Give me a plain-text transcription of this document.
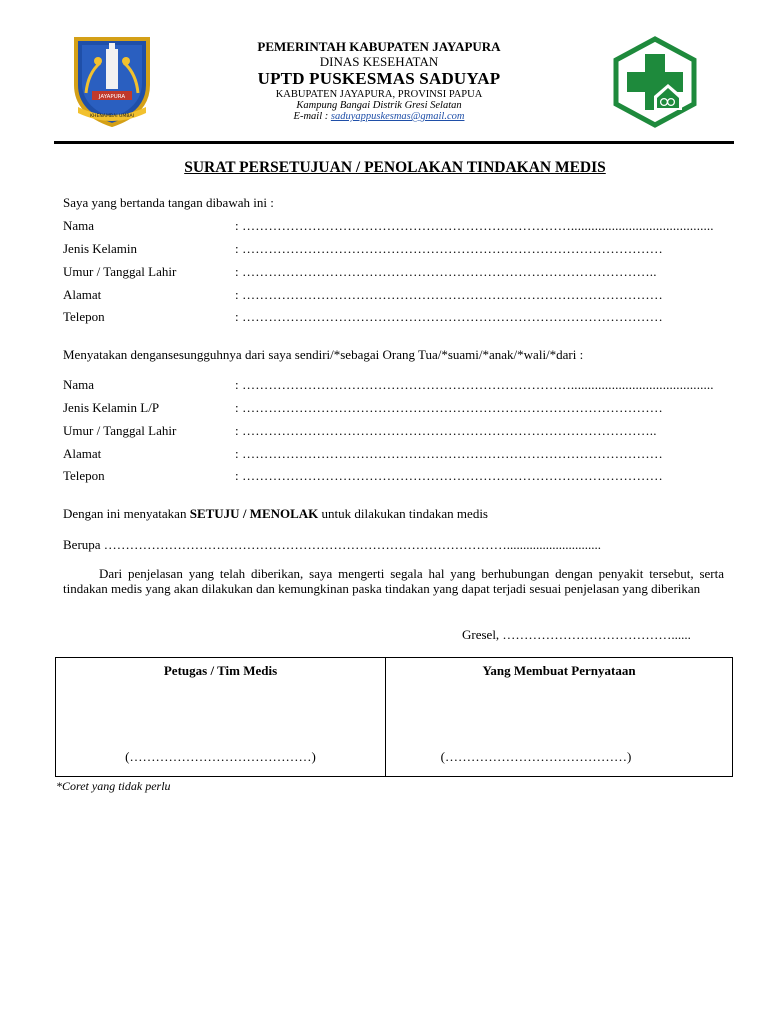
JAYAPURA
KHENAMBAI UMBAI
PEMERINTAH KABUPATEN JAYAPURA
DINAS KESEHATAN
UPTD PUSKESMAS SADUYAP
KABUPATEN JAYAPURA, PROVINSI PAPUA
Kampung Bangai Distrik Gresi Selatan
E-mail : saduyappuskesmas@gmail.com
SURAT PERSETUJUAN / PENOLAKAN TINDAKAN MEDIS
Saya yang bertanda tangan dibawah ini :
Nama	: …………………………………………………………………..........................................
Jenis Kelamin	: ……………………………………………………………………………………
Umur / Tanggal Lahir	: …………………………………………………………………………………..
Alamat	: ……………………………………………………………………………………
Telepon	: ……………………………………………………………………………………
Menyatakan dengansesungguhnya dari saya sendiri/*sebagai Orang Tua/*suami/*anak/*wali/*dari :
Nama	: …………………………………………………………………..........................................
Jenis Kelamin L/P	: ……………………………………………………………………………………
Umur / Tanggal Lahir	: …………………………………………………………………………………..
Alamat	: ……………………………………………………………………………………
Telepon	: ……………………………………………………………………………………
Dengan ini menyatakan SETUJU / MENOLAK untuk dilakukan tindakan medis
Berupa ………………………………………………………………………………….............................
Dari penjelasan yang telah diberikan, saya mengerti segala hal yang berhubungan dengan penyakit tersebut, serta tindakan medis yang akan dilakukan dan kemungkinan paska tindakan yang dapat terjadi sesuai penjelasan yang diberikan
Gresel, …………………………………......
Petugas / Tim Medis	Yang Membuat Pernyataan
(……………………………………)	(……………………………………)
*Coret yang tidak perlu
